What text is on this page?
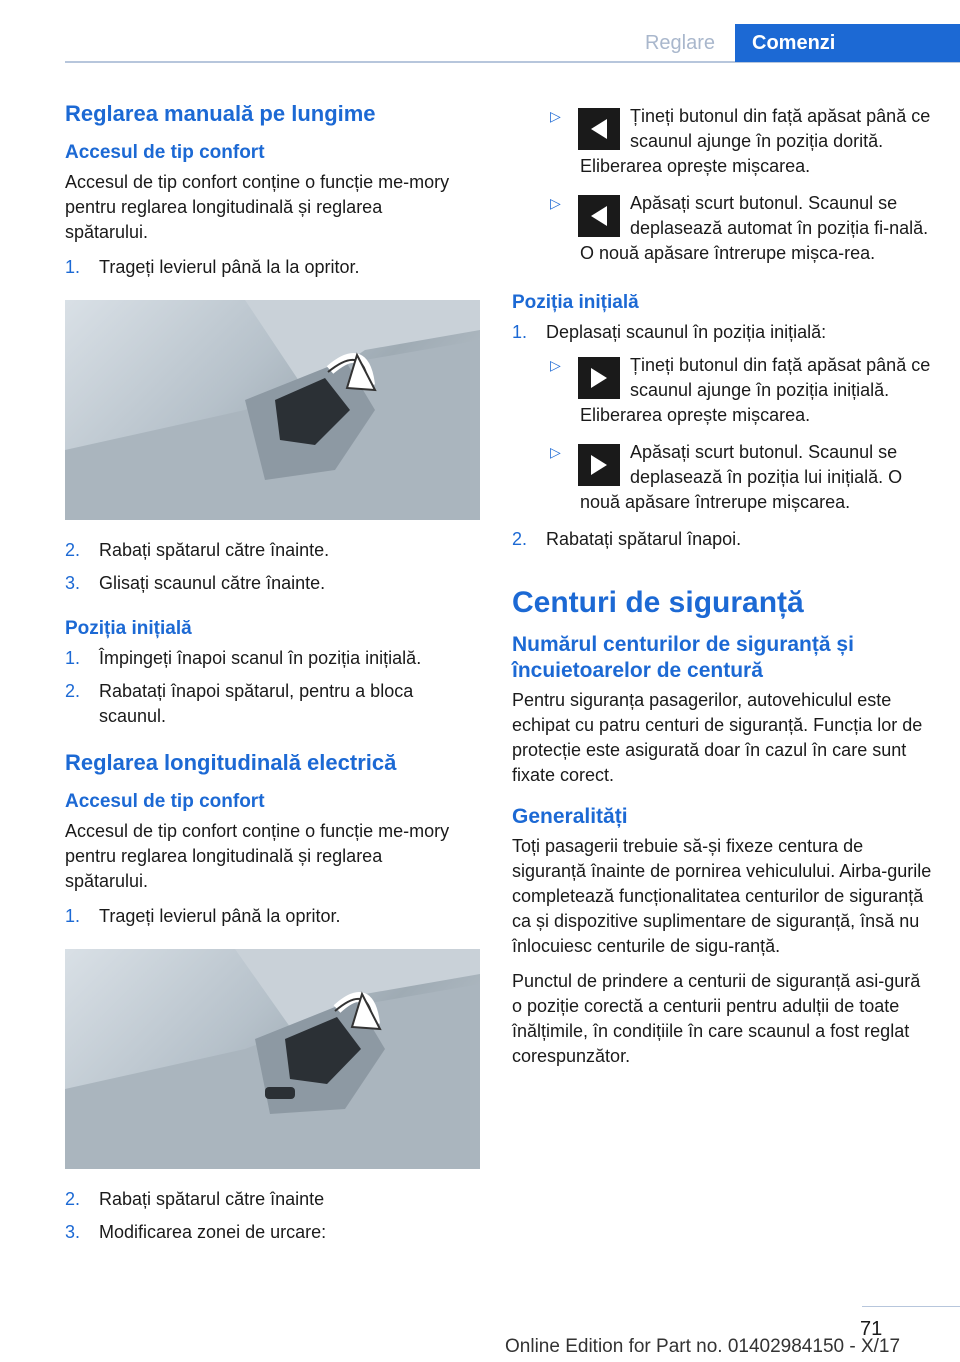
Reglare	Comenzi
Reglarea manuală pe lungime
Accesul de tip confort

Accesul de tip confort conține o funcție me-mory pentru reglarea longitudinală și reglarea spătarului.

1. Trageți levierul până la la opritor.
2. Rabați spătarul către înainte.
3. Glisați scaunul către înainte.
Poziția inițială
1. Împingeți înapoi scanul în poziția inițială.
2. Rabatați înapoi spătarul, pentru a bloca scaunul.
Reglarea longitudinală electrică
Accesul de tip confort

Accesul de tip confort conține o funcție me-mory pentru reglarea longitudinală și reglarea spătarului.

1. Trageți levierul până la opritor.
2. Rabați spătarul către înainte
3. Modificarea zonei de urcare:
▷	Țineți butonul din față apăsat până ce scaunul ajunge în poziția dorită. Eliberarea oprește mișcarea.
▷	Apăsați scurt butonul. Scaunul se deplasează automat în poziția fi-nală. O nouă apăsare întrerupe mișca-rea.
Poziția inițială
1. Deplasați scaunul în poziția inițială:
▷	Țineți butonul din față apăsat până ce scaunul ajunge în poziția inițială. Eliberarea oprește mișcarea.
▷	Apăsați scurt butonul. Scaunul se deplasează în poziția lui inițială. O nouă apăsare întrerupe mișcarea.
2. Rabatați spătarul înapoi.
Centuri de siguranță
Numărul centurilor de siguranță și încuietoarelor de centură

Pentru siguranța pasagerilor, autovehiculul este echipat cu patru centuri de siguranță. Funcția lor de protecție este asigurată doar în cazul în care sunt fixate corect.

Generalități

Toți pasagerii trebuie să-și fixeze centura de siguranță înainte de pornirea vehiculului. Airba-gurile completează funcționalitatea centurilor de siguranță ca și dispozitive suplimentare de siguranță, însă nu înlocuiesc centurile de sigu-ranță.

Punctul de prindere a centurii de siguranță asi-gură o poziție corectă a centurii pentru adulții de toate înălțimile, în condițiile în care scaunul a fost reglat corespunzător.

71
Online Edition for Part no. 01402984150 - X/17
